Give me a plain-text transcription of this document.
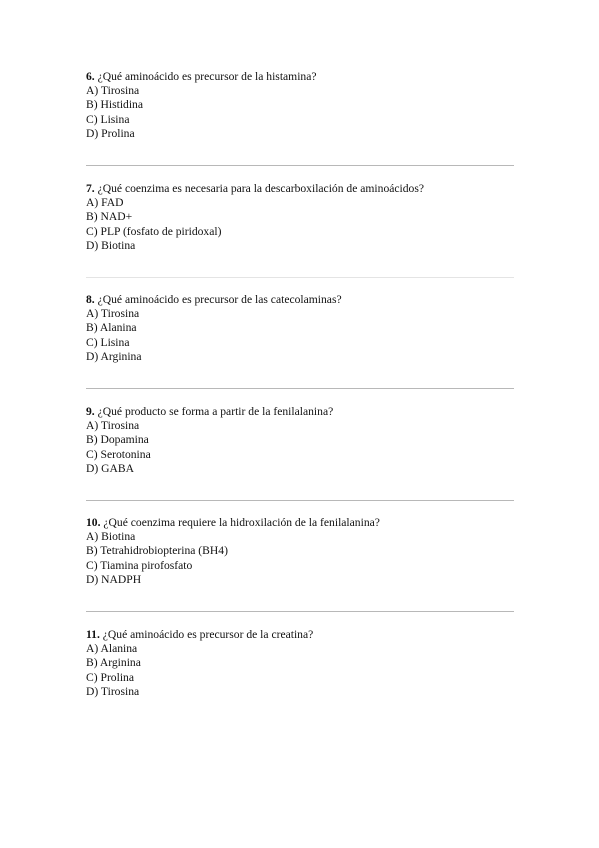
6. ¿Qué aminoácido es precursor de la histamina?
A) Tirosina
B) Histidina
C) Lisina
D) Prolina
7. ¿Qué coenzima es necesaria para la descarboxilación de aminoácidos?
A) FAD
B) NAD+
C) PLP (fosfato de piridoxal)
D) Biotina
8. ¿Qué aminoácido es precursor de las catecolaminas?
A) Tirosina
B) Alanina
C) Lisina
D) Arginina
9. ¿Qué producto se forma a partir de la fenilalanina?
A) Tirosina
B) Dopamina
C) Serotonina
D) GABA
10. ¿Qué coenzima requiere la hidroxilación de la fenilalanina?
A) Biotina
B) Tetrahidrobiopterina (BH4)
C) Tiamina pirofosfato
D) NADPH
11. ¿Qué aminoácido es precursor de la creatina?
A) Alanina
B) Arginina
C) Prolina
D) Tirosina
